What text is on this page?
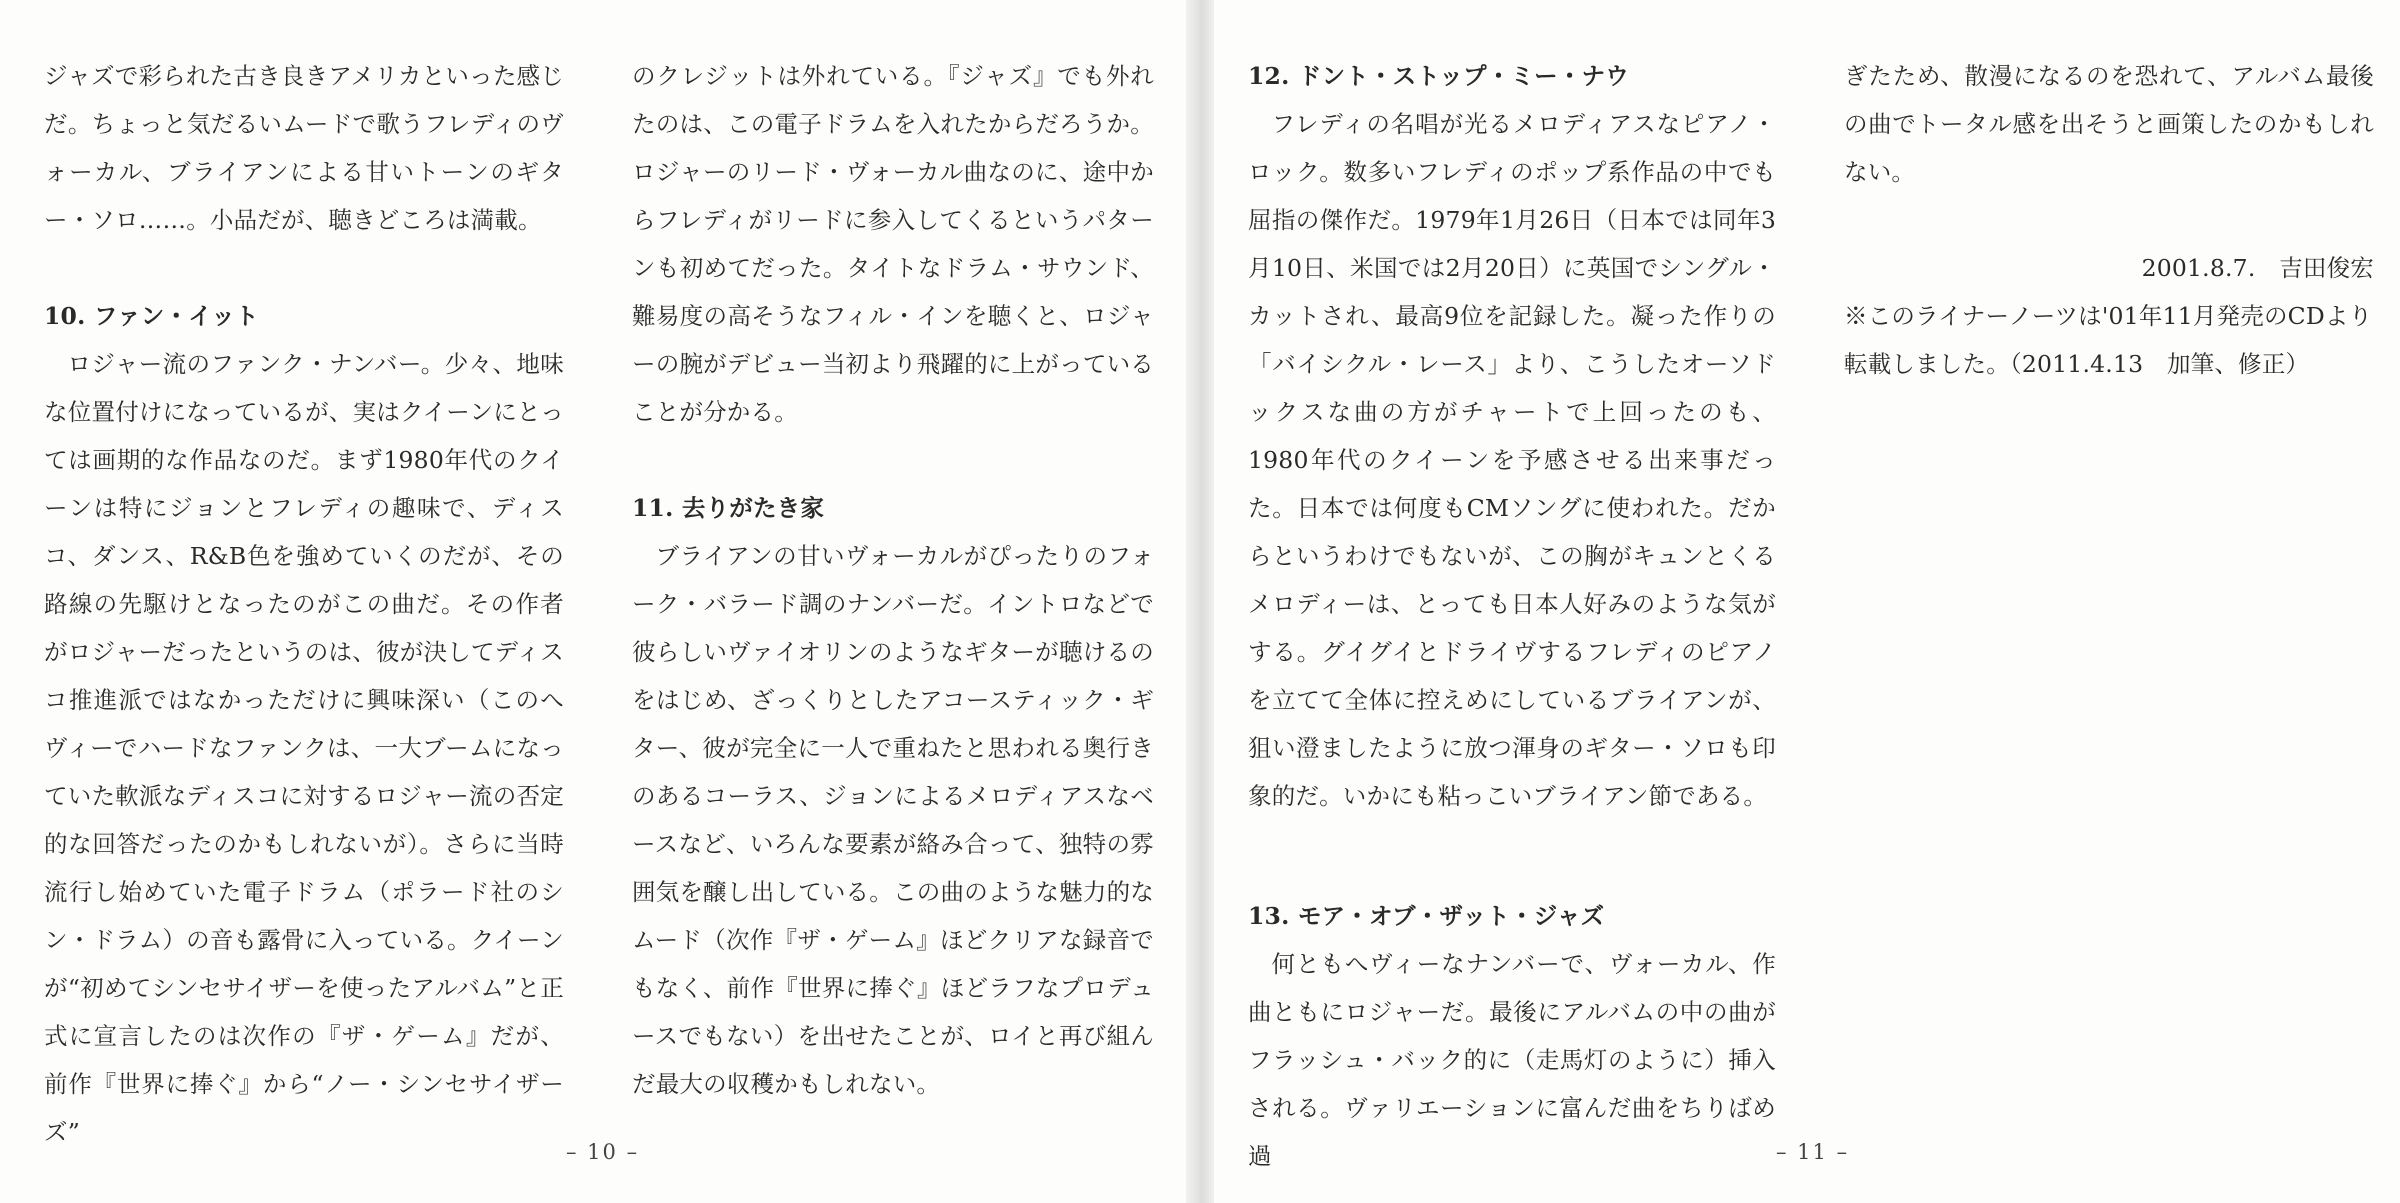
ジャズで彩られた古き良きアメリカといった感じだ。ちょっと気だるいムードで歌うフレディのヴォーカル、ブライアンによる甘いトーンのギター・ソロ……。小品だが、聴きどころは満載。

10. ファン・イット

ロジャー流のファンク・ナンバー。少々、地味な位置付けになっているが、実はクイーンにとっては画期的な作品なのだ。まず1980年代のクイーンは特にジョンとフレディの趣味で、ディスコ、ダンス、R&B色を強めていくのだが、その路線の先駆けとなったのがこの曲だ。その作者がロジャーだったというのは、彼が決してディスコ推進派ではなかっただけに興味深い（このへヴィーでハードなファンクは、一大ブームになっていた軟派なディスコに対するロジャー流の否定的な回答だったのかもしれないが）。さらに当時流行し始めていた電子ドラム（ポラード社のシン・ドラム）の音も露骨に入っている。クイーンが“初めてシンセサイザーを使ったアルバム”と正式に宣言したのは次作の『ザ・ゲーム』だが、前作『世界に捧ぐ』から“ノー・シンセサイザーズ”

のクレジットは外れている。『ジャズ』でも外れたのは、この電子ドラムを入れたからだろうか。ロジャーのリード・ヴォーカル曲なのに、途中からフレディがリードに参入してくるというパターンも初めてだった。タイトなドラム・サウンド、難易度の高そうなフィル・インを聴くと、ロジャーの腕がデビュー当初より飛躍的に上がっていることが分かる。

11. 去りがたき家

ブライアンの甘いヴォーカルがぴったりのフォーク・バラード調のナンバーだ。イントロなどで彼らしいヴァイオリンのようなギターが聴けるのをはじめ、ざっくりとしたアコースティック・ギター、彼が完全に一人で重ねたと思われる奥行きのあるコーラス、ジョンによるメロディアスなベースなど、いろんな要素が絡み合って、独特の雰囲気を醸し出している。この曲のような魅力的なムード（次作『ザ・ゲーム』ほどクリアな録音でもなく、前作『世界に捧ぐ』ほどラフなプロデュースでもない）を出せたことが、ロイと再び組んだ最大の収穫かもしれない。

– 10 –
12. ドント・ストップ・ミー・ナウ

フレディの名唱が光るメロディアスなピアノ・ロック。数多いフレディのポップ系作品の中でも屈指の傑作だ。1979年1月26日（日本では同年3月10日、米国では2月20日）に英国でシングル・カットされ、最高9位を記録した。凝った作りの「バイシクル・レース」より、こうしたオーソドックスな曲の方がチャートで上回ったのも、1980年代のクイーンを予感させる出来事だった。日本では何度もCMソングに使われた。だからというわけでもないが、この胸がキュンとくるメロディーは、とっても日本人好みのような気がする。グイグイとドライヴするフレディのピアノを立てて全体に控えめにしているブライアンが、狙い澄ましたように放つ渾身のギター・ソロも印象的だ。いかにも粘っこいブライアン節である。

13. モア・オブ・ザット・ジャズ

何ともへヴィーなナンバーで、ヴォーカル、作曲ともにロジャーだ。最後にアルバムの中の曲がフラッシュ・バック的に（走馬灯のように）挿入される。ヴァリエーションに富んだ曲をちりばめ過

ぎたため、散漫になるのを恐れて、アルバム最後の曲でトータル感を出そうと画策したのかもしれない。

2001.8.7.　吉田俊宏

※このライナーノーツは'01年11月発売のCDより転載しました。（2011.4.13　加筆、修正）

– 11 –
